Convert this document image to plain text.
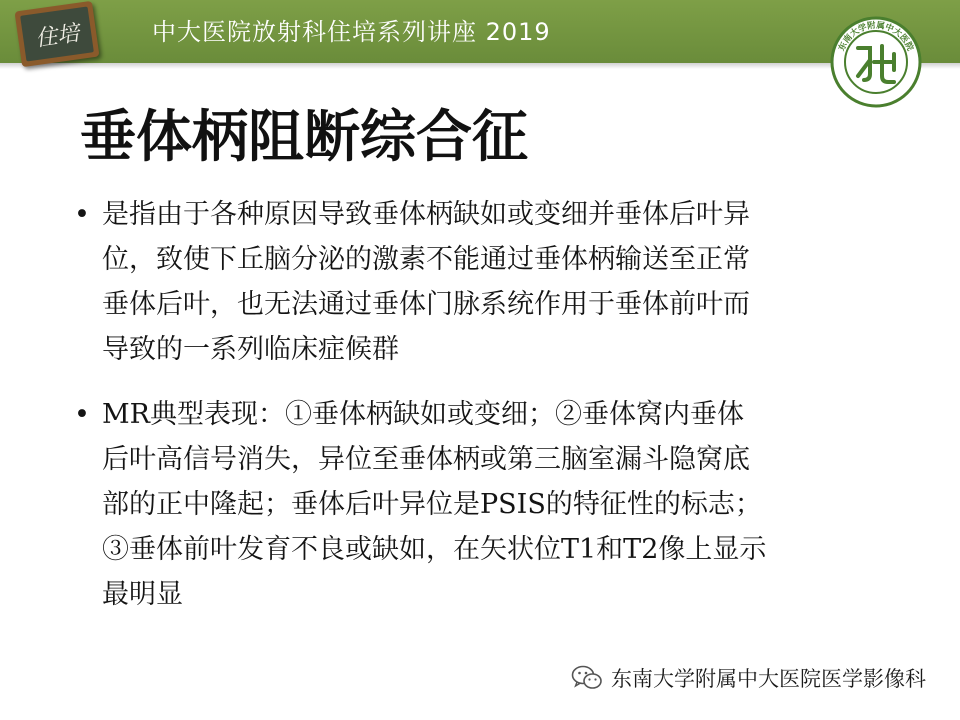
住培	中大医院放射科住培系列讲座 2019
东南大学附属中大医院
垂体柄阻断综合征
• 是指由于各种原因导致垂体柄缺如或变细并垂体后叶异
位，致使下丘脑分泌的激素不能通过垂体柄输送至正常
垂体后叶，也无法通过垂体门脉系统作用于垂体前叶而
导致的一系列临床症候群
• MR典型表现：①垂体柄缺如或变细；②垂体窝内垂体
后叶高信号消失，异位至垂体柄或第三脑室漏斗隐窝底
部的正中隆起；垂体后叶异位是PSIS的特征性的标志；
③垂体前叶发育不良或缺如，在矢状位T1和T2像上显示
最明显
东南大学附属中大医院医学影像科
